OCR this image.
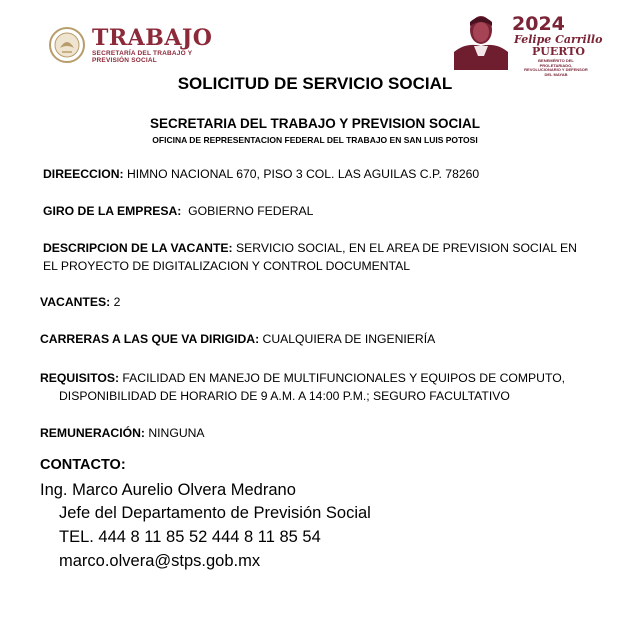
TRABAJO
SECRETARÍA DEL TRABAJO Y PREVISIÓN SOCIAL
2024
Felipe Carrillo
PUERTO
BENEMÉRITO DEL PROLETARIADO, REVOLUCIONARIO Y DEFENSOR DEL MAYAB
SOLICITUD DE SERVICIO SOCIAL
SECRETARIA DEL TRABAJO Y PREVISION SOCIAL
OFICINA DE REPRESENTACION FEDERAL DEL TRABAJO EN SAN LUIS POTOSI
DIREECCION: HIMNO NACIONAL 670, PISO 3 COL. LAS AGUILAS C.P. 78260
GIRO DE LA EMPRESA: GOBIERNO FEDERAL
DESCRIPCION DE LA VACANTE: SERVICIO SOCIAL, EN EL AREA DE PREVISION SOCIAL EN
EL PROYECTO DE DIGITALIZACION Y CONTROL DOCUMENTAL
VACANTES: 2
CARRERAS A LAS QUE VA DIRIGIDA: CUALQUIERA DE INGENIERÍA
REQUISITOS: FACILIDAD EN MANEJO DE MULTIFUNCIONALES Y EQUIPOS DE COMPUTO,
DISPONIBILIDAD DE HORARIO DE 9 A.M. A 14:00 P.M.; SEGURO FACULTATIVO
REMUNERACIÓN: NINGUNA
CONTACTO:
Ing. Marco Aurelio Olvera Medrano
Jefe del Departamento de Previsión Social
TEL. 444 8 11 85 52 444 8 11 85 54
marco.olvera@stps.gob.mx
